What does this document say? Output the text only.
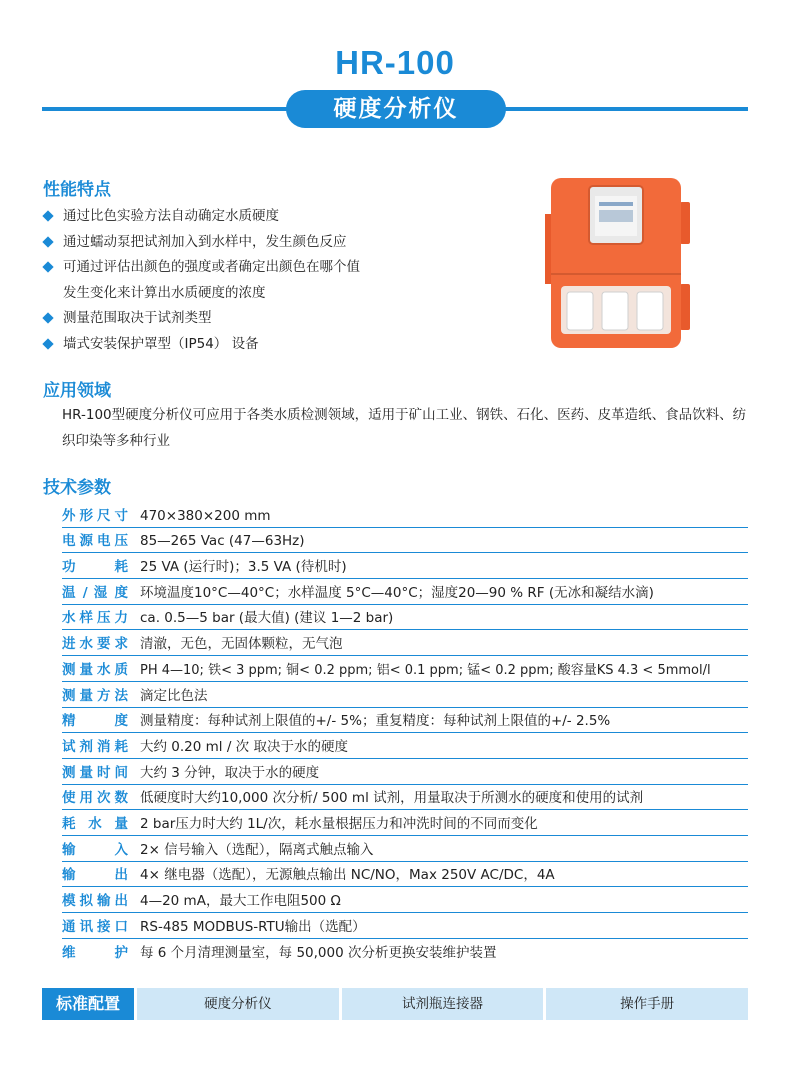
HR-100
硬度分析仪
性能特点
通过比色实验方法自动确定水质硬度
通过蠕动泵把试剂加入到水样中，发生颜色反应
可通过评估出颜色的强度或者确定出颜色在哪个值
发生变化来计算出水质硬度的浓度
测量范围取决于试剂类型
墙式安装保护罩型（IP54） 设备
应用领域
HR-100型硬度分析仪可应用于各类水质检测领域，适用于矿山工业、钢铁、石化、医药、皮革造纸、食品饮料、纺织印染等多种行业
技术参数
外形尺寸 470×380×200 mm
电源电压 85—265 Vac (47—63Hz)
功耗 25 VA (运行时)；3.5 VA (待机时)
温 / 湿 度 环境温度10°C—40°C；水样温度 5°C—40°C；湿度20—90 % RF (无冰和凝结水滴)
水样压力 ca. 0.5—5 bar (最大值) (建议 1—2 bar)
进水要求 清澈，无色，无固体颗粒，无气泡
测量水质 PH 4—10; 铁< 3 ppm; 铜< 0.2 ppm; 铝< 0.1 ppm; 锰< 0.2 ppm; 酸容量KS 4.3 < 5mmol/l
测量方法 滴定比色法
精度 测量精度：每种试剂上限值的+/- 5%；重复精度：每种试剂上限值的+/- 2.5%
试剂消耗 大约 0.20 ml / 次 取决于水的硬度
测量时间 大约 3 分钟，取决于水的硬度
使用次数 低硬度时大约10,000 次分析/ 500 ml 试剂，用量取决于所测水的硬度和使用的试剂
耗水量 2 bar压力时大约 1L/次，耗水量根据压力和冲洗时间的不同而变化
输入 2× 信号输入（选配），隔离式触点输入
输出 4× 继电器（选配），无源触点输出 NC/NO，Max 250V AC/DC，4A
模拟输出 4—20 mA，最大工作电阻500 Ω
通讯接口 RS-485 MODBUS-RTU输出（选配）
维护 每 6 个月清理测量室，每 50,000 次分析更换安装维护装置
标准配置	硬度分析仪	试剂瓶连接器	操作手册
